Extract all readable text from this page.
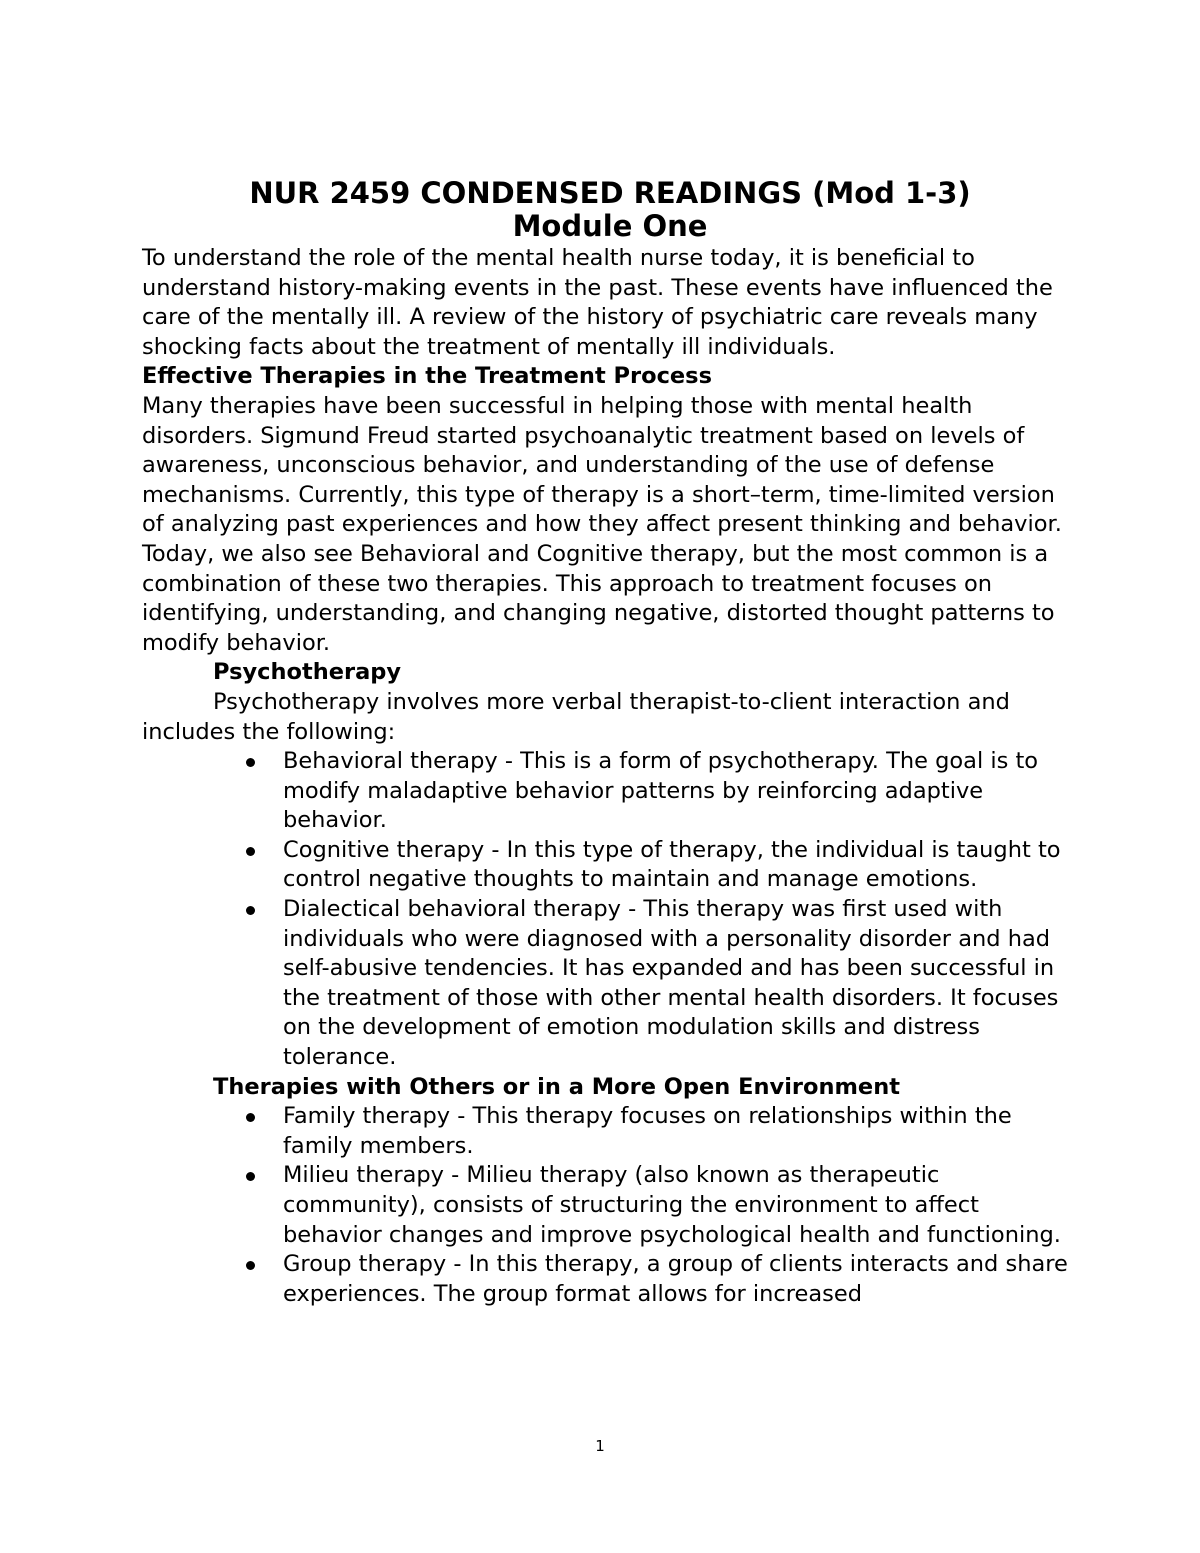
NUR 2459 CONDENSED READINGS (Mod 1-3)
Module One

To understand the role of the mental health nurse today, it is beneficial to understand history-making events in the past. These events have influenced the care of the mentally ill. A review of the history of psychiatric care reveals many shocking facts about the treatment of mentally ill individuals.

Effective Therapies in the Treatment Process

Many therapies have been successful in helping those with mental health disorders. Sigmund Freud started psychoanalytic treatment based on levels of awareness, unconscious behavior, and understanding of the use of defense mechanisms. Currently, this type of therapy is a short–term, time-limited version of analyzing past experiences and how they affect present thinking and behavior. Today, we also see Behavioral and Cognitive therapy, but the most common is a combination of these two therapies. This approach to treatment focuses on identifying, understanding, and changing negative, distorted thought patterns to modify behavior.

Psychotherapy

Psychotherapy involves more verbal therapist-to-client interaction and includes the following:

Behavioral therapy - This is a form of psychotherapy. The goal is to modify maladaptive behavior patterns by reinforcing adaptive behavior.
Cognitive therapy - In this type of therapy, the individual is taught to control negative thoughts to maintain and manage emotions.
Dialectical behavioral therapy - This therapy was first used with individuals who were diagnosed with a personality disorder and had self-abusive tendencies. It has expanded and has been successful in the treatment of those with other mental health disorders. It focuses on the development of emotion modulation skills and distress tolerance.

Therapies with Others or in a More Open Environment

Family therapy - This therapy focuses on relationships within the family members.
Milieu therapy - Milieu therapy (also known as therapeutic community), consists of structuring the environment to affect behavior changes and improve psychological health and functioning.
Group therapy - In this therapy, a group of clients interacts and share experiences. The group format allows for increased
1
